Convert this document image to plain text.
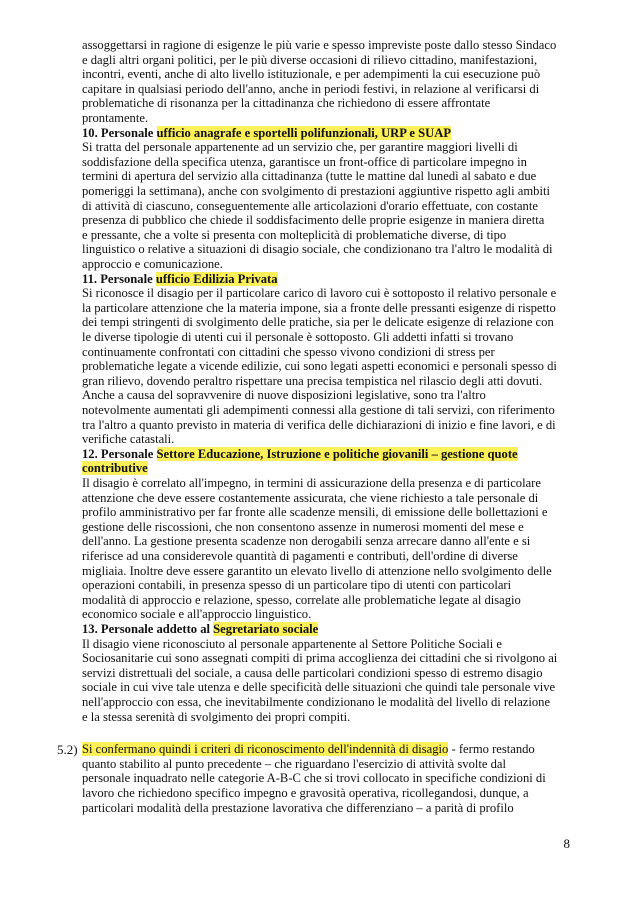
assoggettarsi in ragione di esigenze le più varie e spesso impreviste poste dallo stesso Sindaco
e dagli altri organi politici, per le più diverse occasioni di rilievo cittadino, manifestazioni,
incontri, eventi, anche di alto livello istituzionale, e per adempimenti la cui esecuzione può
capitare in qualsiasi periodo dell'anno, anche in periodi festivi, in relazione al verificarsi di
problematiche di risonanza per la cittadinanza che richiedono di essere affrontate
prontamente.
10. Personale ufficio anagrafe e sportelli polifunzionali, URP e SUAP
Si tratta del personale appartenente ad un servizio che, per garantire maggiori livelli di
soddisfazione della specifica utenza, garantisce un front-office di particolare impegno in
termini di apertura del servizio alla cittadinanza (tutte le mattine dal lunedì al sabato e due
pomeriggi la settimana), anche con svolgimento di prestazioni aggiuntive rispetto agli ambiti
di attività di ciascuno, conseguentemente alle articolazioni d'orario effettuate, con costante
presenza di pubblico che chiede il soddisfacimento delle proprie esigenze in maniera diretta
e pressante, che a volte si presenta con molteplicità di problematiche diverse, di tipo
linguistico o relative a situazioni di disagio sociale, che condizionano tra l'altro le modalità di
approccio e comunicazione.
11. Personale ufficio Edilizia Privata
Si riconosce il disagio per il particolare carico di lavoro cui è sottoposto il relativo personale e
la particolare attenzione che la materia impone, sia a fronte delle pressanti esigenze di rispetto
dei tempi stringenti di svolgimento delle pratiche, sia per le delicate esigenze di relazione con
le diverse tipologie di utenti cui il personale è sottoposto. Gli addetti infatti si trovano
continuamente confrontati con cittadini che spesso vivono condizioni di stress per
problematiche legate a vicende edilizie, cui sono legati aspetti economici e personali spesso di
gran rilievo, dovendo peraltro rispettare una precisa tempistica nel rilascio degli atti dovuti.
Anche a causa del sopravvenire di nuove disposizioni legislative, sono tra l'altro
notevolmente aumentati gli adempimenti connessi alla gestione di tali servizi, con riferimento
tra l'altro a quanto previsto in materia di verifica delle dichiarazioni di inizio e fine lavori, e di
verifiche catastali.
12. Personale Settore Educazione, Istruzione e politiche giovanili – gestione quote
contributive
Il disagio è correlato all'impegno, in termini di assicurazione della presenza e di particolare
attenzione che deve essere costantemente assicurata, che viene richiesto a tale personale di
profilo amministrativo per far fronte alle scadenze mensili, di emissione delle bollettazioni e
gestione delle riscossioni, che non consentono assenze in numerosi momenti del mese e
dell'anno. La gestione presenta scadenze non derogabili senza arrecare danno all'ente e si
riferisce ad una considerevole quantità di pagamenti e contributi, dell'ordine di diverse
migliaia. Inoltre deve essere garantito un elevato livello di attenzione nello svolgimento delle
operazioni contabili, in presenza spesso di un particolare tipo di utenti con particolari
modalità di approccio e relazione, spesso, correlate alle problematiche legate al disagio
economico sociale e all'approccio linguistico.
13. Personale addetto al Segretariato sociale
Il disagio viene riconosciuto al personale appartenente al Settore Politiche Sociali e
Sociosanitarie cui sono assegnati compiti di prima accoglienza dei cittadini che si rivolgono ai
servizi distrettuali del sociale, a causa delle particolari condizioni spesso di estremo disagio
sociale in cui vive tale utenza e delle specificità delle situazioni che quindi tale personale vive
nell'approccio con essa, che inevitabilmente condizionano le modalità del livello di relazione
e la stessa serenità di svolgimento dei propri compiti.
5.2) Si confermano quindi i criteri di riconoscimento dell'indennità di disagio - fermo restando
quanto stabilito al punto precedente – che riguardano l'esercizio di attività svolte dal
personale inquadrato nelle categorie A-B-C che si trovi collocato in specifiche condizioni di
lavoro che richiedono specifico impegno e gravosità operativa, ricollegandosi, dunque, a
particolari modalità della prestazione lavorativa che differenziano – a parità di profilo
8
